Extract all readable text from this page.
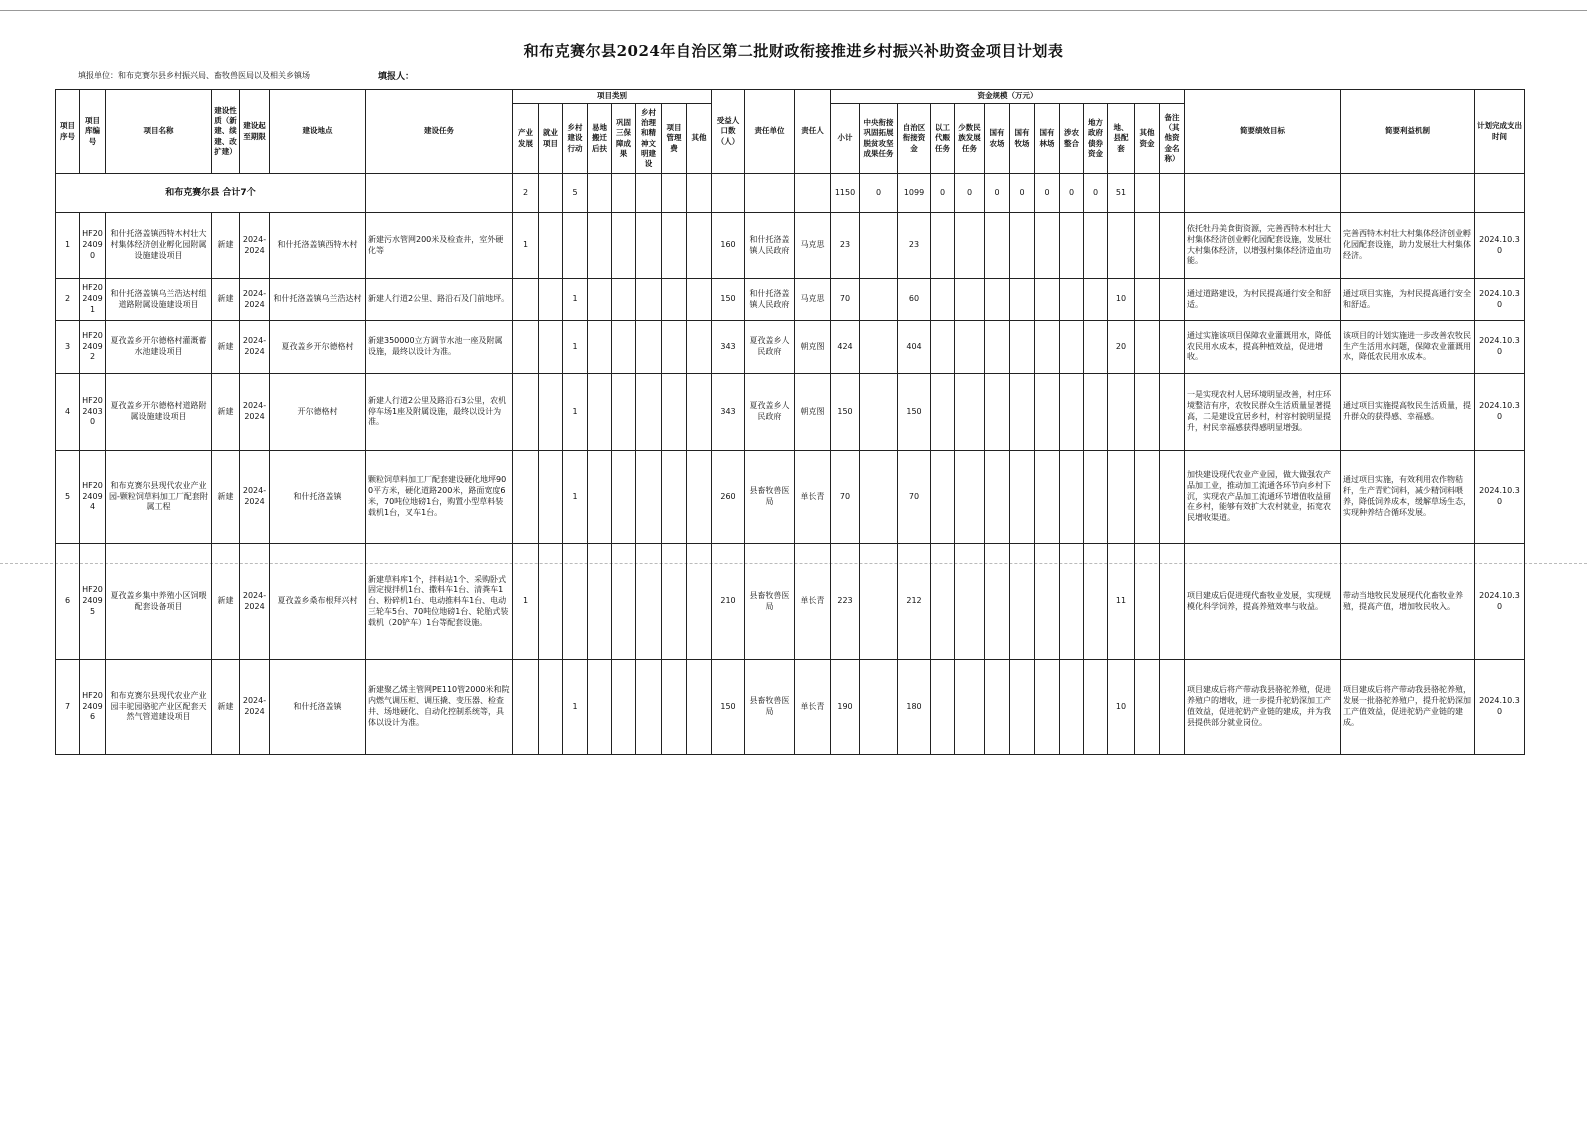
和布克赛尔县2024年自治区第二批财政衔接推进乡村振兴补助资金项目计划表
填报单位：和布克赛尔县乡村振兴局、畜牧兽医局以及相关乡镇场	填报人：
项目序号	项目库编号	项目名称	建设性质（新建、续建、改扩建）	建设起至期限	建设地点	建设任务	项目类别								受益人口数（人）	责任单位	责任人	资金规模（万元）													简要绩效目标	简要利益机制	计划完成支出时间
							产业发展	就业项目	乡村建设行动	易地搬迁后扶	巩固三保障成果	乡村治理和精神文明建设	项目管理费	其他				小计	中央衔接巩固拓展脱贫攻坚成果任务	自治区衔接资金	以工代赈任务	少数民族发展任务	国有农场	国有牧场	国有林场	涉农整合	地方政府债券资金	地、县配套	其他资金	备注（其他资金名称）			
和布克赛尔县 合计7个							2		5									1150	0	1099	0	0	0	0	0	0	0	51					
1	HF2024090	和什托洛盖镇西特木村壮大村集体经济创业孵化园附属设施建设项目	新建	2024-2024	和什托洛盖镇西特木村	新建污水管网200米及检查井，室外硬化等	1								160	和什托洛盖镇人民政府	马克思	23		23											依托牡丹美食街资源，完善西特木村壮大村集体经济创业孵化园配套设施，发展壮大村集体经济，以增强村集体经济造血功能。	完善西特木村壮大村集体经济创业孵化园配套设施，助力发展壮大村集体经济。	2024.10.30
2	HF2024091	和什托洛盖镇乌兰浩达村组道路附属设施建设项目	新建	2024-2024	和什托洛盖镇乌兰浩达村	新建人行道2公里、路沿石及门前地坪。			1						150	和什托洛盖镇人民政府	马克思	70		60								10			通过道路建设，为村民提高通行安全和舒适。	通过项目实施，为村民提高通行安全和舒适。	2024.10.30
3	HF2024092	夏孜盖乡开尔德格村灌溉蓄水池建设项目	新建	2024-2024	夏孜盖乡开尔德格村	新建350000立方调节水池一座及附属设施，最终以设计为准。			1						343	夏孜盖乡人民政府	朝克图	424		404								20			通过实施该项目保障农业灌溉用水，降低农民用水成本，提高种植效益，促进增收。	该项目的计划实施进一步改善农牧民生产生活用水问题，保障农业灌溉用水，降低农民用水成本。	2024.10.30
4	HF2024030	夏孜盖乡开尔德格村道路附属设施建设项目	新建	2024-2024	开尔德格村	新建人行道2公里及路沿石3公里，农机停车场1座及附属设施，最终以设计为准。			1						343	夏孜盖乡人民政府	朝克图	150		150											一是实现农村人居环境明显改善，村庄环境整洁有序，农牧民群众生活质量显著提高，二是建设宜居乡村，村容村貌明显提升，村民幸福感获得感明显增强。	通过项目实施提高牧民生活质量，提升群众的获得感、幸福感。	2024.10.30
5	HF2024094	和布克赛尔县现代农业产业园-颗粒饲草料加工厂配套附属工程	新建	2024-2024	和什托洛盖镇	颗粒饲草料加工厂配套建设硬化地坪900平方米，硬化道路200米，路面宽度6米，70吨位地磅1台，购置小型草料装载机1台，叉车1台。			1						260	县畜牧兽医局	单长青	70		70											加快建设现代农业产业园，做大做强农产品加工业，推动加工流通各环节向乡村下沉，实现农产品加工流通环节增值收益留在乡村，能够有效扩大农村就业，拓宽农民增收渠道。	通过项目实施，有效利用农作物秸秆，生产青贮饲料，减少精饲料喂养，降低饲养成本，缓解草场生态，实现种养结合循环发展。	2024.10.30
6	HF2024095	夏孜盖乡集中养殖小区饲喂配套设备项目	新建	2024-2024	夏孜盖乡桑布根拜兴村	新建草料库1个，拌料站1个、采购卧式固定搅拌机1台、撒料车1台、清粪车1台、粉碎机1台、电动推料车1台、电动三轮车5台、70吨位地磅1台、轮胎式装载机（20铲车）1台等配套设施。	1								210	县畜牧兽医局	单长青	223		212								11			项目建成后促进现代畜牧业发展，实现规模化科学饲养，提高养殖效率与收益。	带动当地牧民发展现代化畜牧业养殖，提高产值，增加牧民收入。	2024.10.30
7	HF2024096	和布克赛尔县现代农业产业园丰驼园骆驼产业区配套天然气管道建设项目	新建	2024-2024	和什托洛盖镇	新建聚乙烯主管网PE110管2000米和院内燃气调压柜、调压撬、变压器、检查井、场地硬化、自动化控制系统等，具体以设计为准。			1						150	县畜牧兽医局	单长青	190		180								10			项目建成后将产带动我县骆驼养殖，促进养殖户的增收，进一步提升驼奶深加工产值效益，促进驼奶产业链的建成，并为我县提供部分就业岗位。	项目建成后将产带动我县骆驼养殖，发展一批骆驼养殖户，提升驼奶深加工产值效益，促进驼奶产业链的建成。	2024.10.30
